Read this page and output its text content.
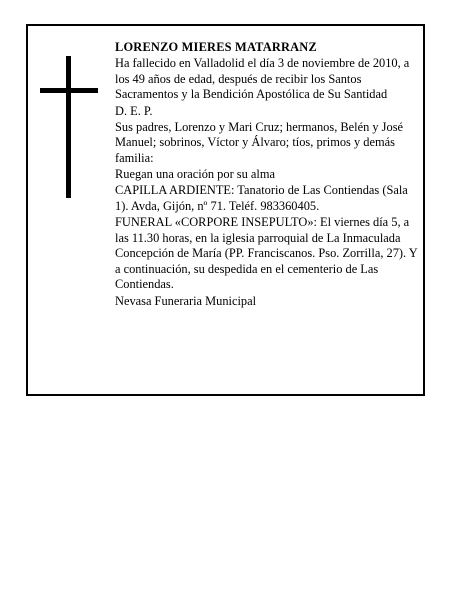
LORENZO MIERES MATARRANZ

Ha fallecido en Valladolid el día 3 de noviembre de 2010, a los 49 años de edad, después de recibir los Santos Sacramentos y la Bendición Apostólica de Su Santidad

D. E. P.

Sus padres, Lorenzo y Mari Cruz; hermanos, Belén y José Manuel; sobrinos, Víctor y Álvaro; tíos, primos y demás familia:

Ruegan una oración por su alma

CAPILLA ARDIENTE: Tanatorio de Las Contiendas (Sala 1). Avda, Gijón, nº 71. Teléf. 983360405.

FUNERAL «CORPORE INSEPULTO»: El viernes día 5, a las 11.30 horas, en la iglesia parroquial de La Inmaculada Concepción de María (PP. Franciscanos. Pso. Zorrilla, 27). Y a continuación, su despedida en el cementerio de Las Contiendas.

Nevasa Funeraria Municipal
